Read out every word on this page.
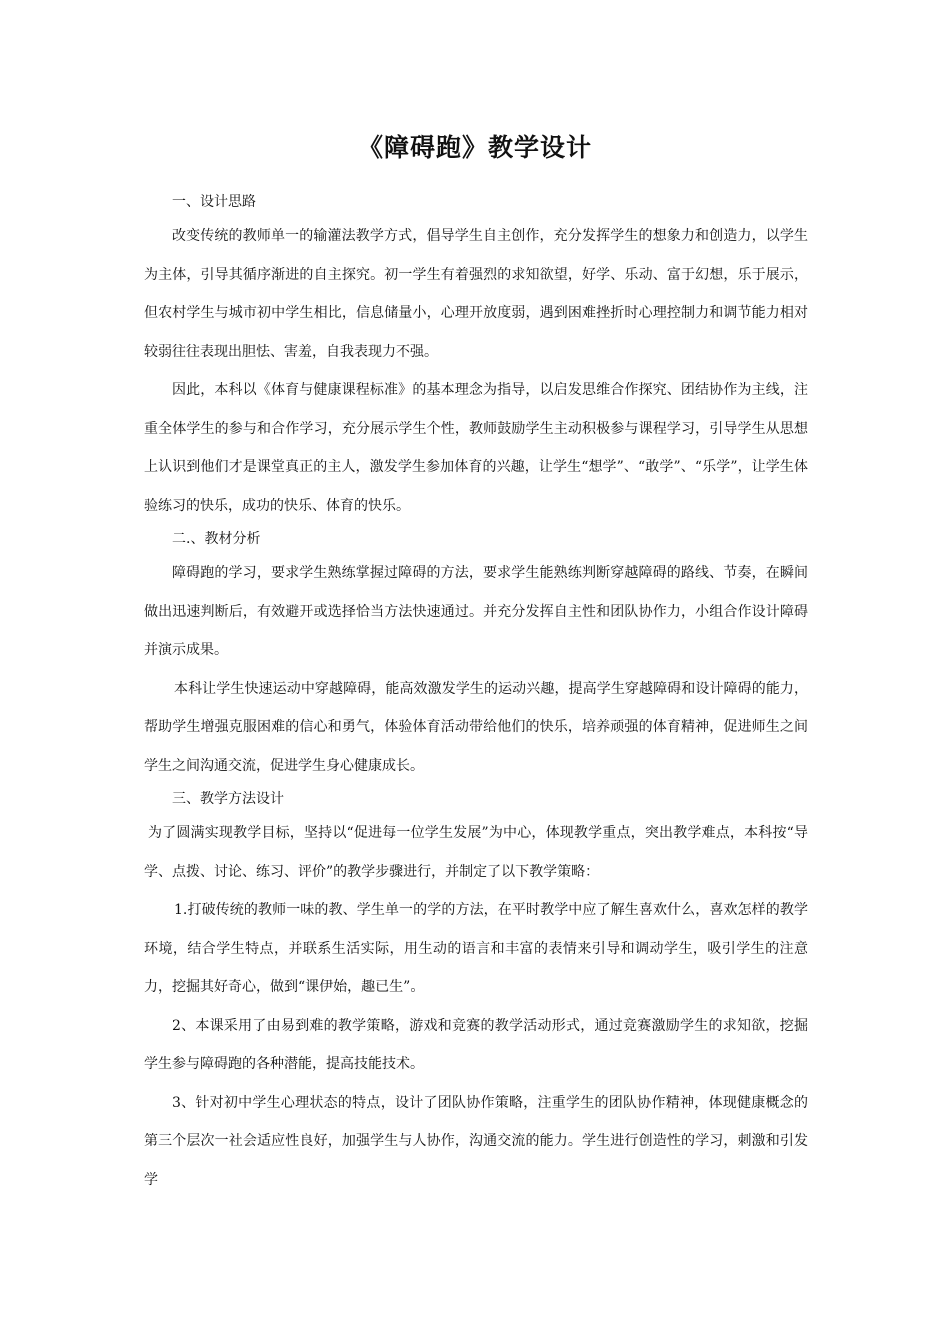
《障碍跑》教学设计

一、设计思路

改变传统的教师单一的输灌法教学方式，倡导学生自主创作，充分发挥学生的想象力和创造力，以学生为主体，引导其循序渐进的自主探究。初一学生有着强烈的求知欲望，好学、乐动、富于幻想，乐于展示，但农村学生与城市初中学生相比，信息储量小，心理开放度弱，遇到困难挫折时心理控制力和调节能力相对较弱往往表现出胆怯、害羞，自我表现力不强。

因此，本科以《体育与健康课程标准》的基本理念为指导，以启发思维合作探究、团结协作为主线，注重全体学生的参与和合作学习，充分展示学生个性，教师鼓励学生主动积极参与课程学习，引导学生从思想上认识到他们才是课堂真正的主人，激发学生参加体育的兴趣，让学生“想学”、“敢学”、“乐学”，让学生体验练习的快乐，成功的快乐、体育的快乐。

二.、教材分析

障碍跑的学习，要求学生熟练掌握过障碍的方法，要求学生能熟练判断穿越障碍的路线、节奏，在瞬间做出迅速判断后，有效避开或选择恰当方法快速通过。并充分发挥自主性和团队协作力，小组合作设计障碍并演示成果。

本科让学生快速运动中穿越障碍，能高效激发学生的运动兴趣，提高学生穿越障碍和设计障碍的能力，帮助学生增强克服困难的信心和勇气，体验体育活动带给他们的快乐，培养顽强的体育精神，促进师生之间学生之间沟通交流，促进学生身心健康成长。

三、教学方法设计

为了圆满实现教学目标，坚持以“促进每一位学生发展”为中心，体现教学重点，突出教学难点，本科按“导学、点拨、讨论、练习、评价”的教学步骤进行，并制定了以下教学策略：

1.打破传统的教师一味的教、学生单一的学的方法，在平时教学中应了解生喜欢什么，喜欢怎样的教学环境，结合学生特点，并联系生活实际，用生动的语言和丰富的表情来引导和调动学生，吸引学生的注意力，挖掘其好奇心，做到“课伊始，趣已生”。

2、本课采用了由易到难的教学策略，游戏和竞赛的教学活动形式，通过竞赛激励学生的求知欲，挖掘学生参与障碍跑的各种潜能，提高技能技术。

3、针对初中学生心理状态的特点，设计了团队协作策略，注重学生的团队协作精神，体现健康概念的第三个层次一社会适应性良好，加强学生与人协作，沟通交流的能力。学生进行创造性的学习，刺激和引发学
